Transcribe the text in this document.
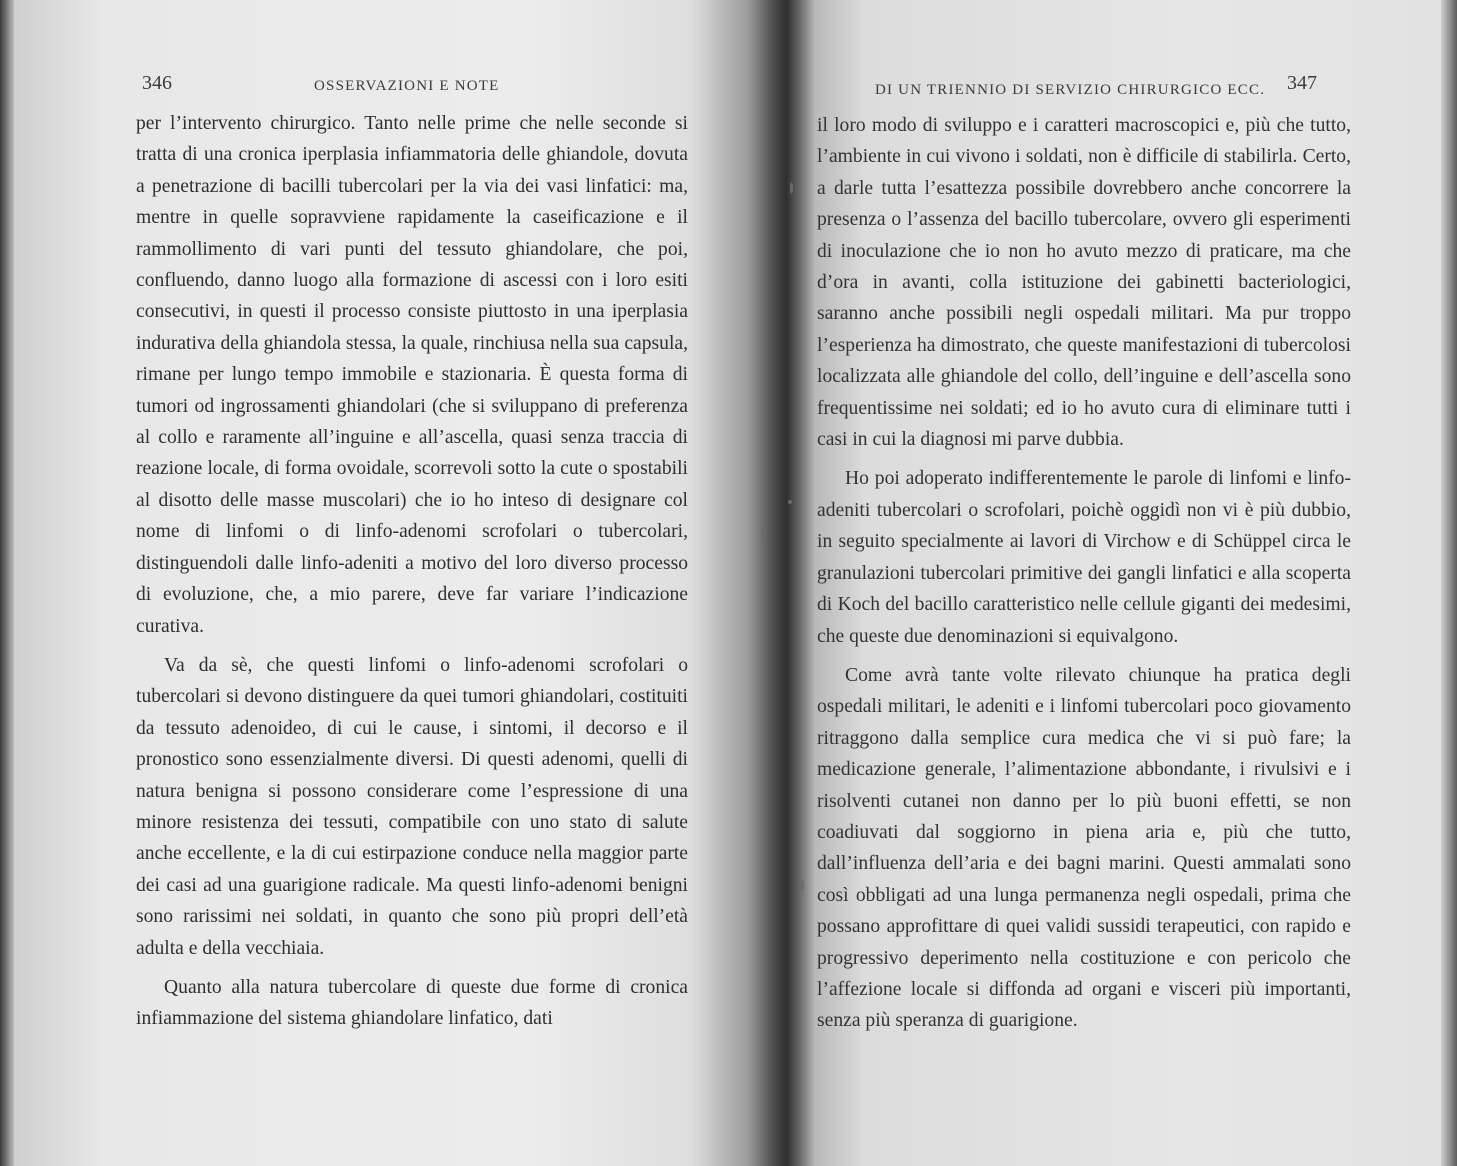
346	OSSERVAZIONI E NOTE

per l’intervento chirurgico. Tanto nelle prime che nelle seconde si tratta di una cronica iperplasia infiammatoria delle ghiandole, dovuta a penetrazione di bacilli tubercolari per la via dei vasi linfatici: ma, mentre in quelle sopravviene rapidamente la caseificazione e il rammollimento di vari punti del tessuto ghiandolare, che poi, confluendo, danno luogo alla formazione di ascessi con i loro esiti consecutivi, in questi il processo consiste piuttosto in una iperplasia indurativa della ghiandola stessa, la quale, rinchiusa nella sua capsula, rimane per lungo tempo immobile e stazionaria. È questa forma di tumori od ingrossamenti ghiandolari (che si sviluppano di preferenza al collo e raramente all’inguine e all’ascella, quasi senza traccia di reazione locale, di forma ovoidale, scorrevoli sotto la cute o spostabili al disotto delle masse muscolari) che io ho inteso di designare col nome di linfomi o di linfo-adenomi scrofolari o tubercolari, distinguendoli dalle linfo-adeniti a motivo del loro diverso processo di evoluzione, che, a mio parere, deve far variare l’indicazione curativa.

Va da sè, che questi linfomi o linfo-adenomi scrofolari o tubercolari si devono distinguere da quei tumori ghiandolari, costituiti da tessuto adenoideo, di cui le cause, i sintomi, il decorso e il pronostico sono essenzialmente diversi. Di questi adenomi, quelli di natura benigna si possono considerare come l’espressione di una minore resistenza dei tessuti, compatibile con uno stato di salute anche eccellente, e la di cui estirpazione conduce nella maggior parte dei casi ad una guarigione radicale. Ma questi linfo-adenomi benigni sono rarissimi nei soldati, in quanto che sono più propri dell’età adulta e della vecchiaia.

Quanto alla natura tubercolare di queste due forme di cronica infiammazione del sistema ghiandolare linfatico, dati

DI UN TRIENNIO DI SERVIZIO CHIRURGICO ECC. 347

il loro modo di sviluppo e i caratteri macroscopici e, più che tutto, l’ambiente in cui vivono i soldati, non è difficile di stabilirla. Certo, a darle tutta l’esattezza possibile dovrebbero anche concorrere la presenza o l’assenza del bacillo tubercolare, ovvero gli esperimenti di inoculazione che io non ho avuto mezzo di praticare, ma che d’ora in avanti, colla istituzione dei gabinetti bacteriologici, saranno anche possibili negli ospedali militari. Ma pur troppo l’esperienza ha dimostrato, che queste manifestazioni di tubercolosi localizzata alle ghiandole del collo, dell’inguine e dell’ascella sono frequentissime nei soldati; ed io ho avuto cura di eliminare tutti i casi in cui la diagnosi mi parve dubbia.

Ho poi adoperato indifferentemente le parole di linfomi e linfo-adeniti tubercolari o scrofolari, poichè oggidì non vi è più dubbio, in seguito specialmente ai lavori di Virchow e di Schüppel circa le granulazioni tubercolari primitive dei gangli linfatici e alla scoperta di Koch del bacillo caratteristico nelle cellule giganti dei medesimi, che queste due denominazioni si equivalgono.

Come avrà tante volte rilevato chiunque ha pratica degli ospedali militari, le adeniti e i linfomi tubercolari poco giovamento ritraggono dalla semplice cura medica che vi si può fare; la medicazione generale, l’alimentazione abbondante, i rivulsivi e i risolventi cutanei non danno per lo più buoni effetti, se non coadiuvati dal soggiorno in piena aria e, più che tutto, dall’influenza dell’aria e dei bagni marini. Questi ammalati sono così obbligati ad una lunga permanenza negli ospedali, prima che possano approfittare di quei validi sussidi terapeutici, con rapido e progressivo deperimento nella costituzione e con pericolo che l’affezione locale si diffonda ad organi e visceri più importanti, senza più speranza di guarigione.
